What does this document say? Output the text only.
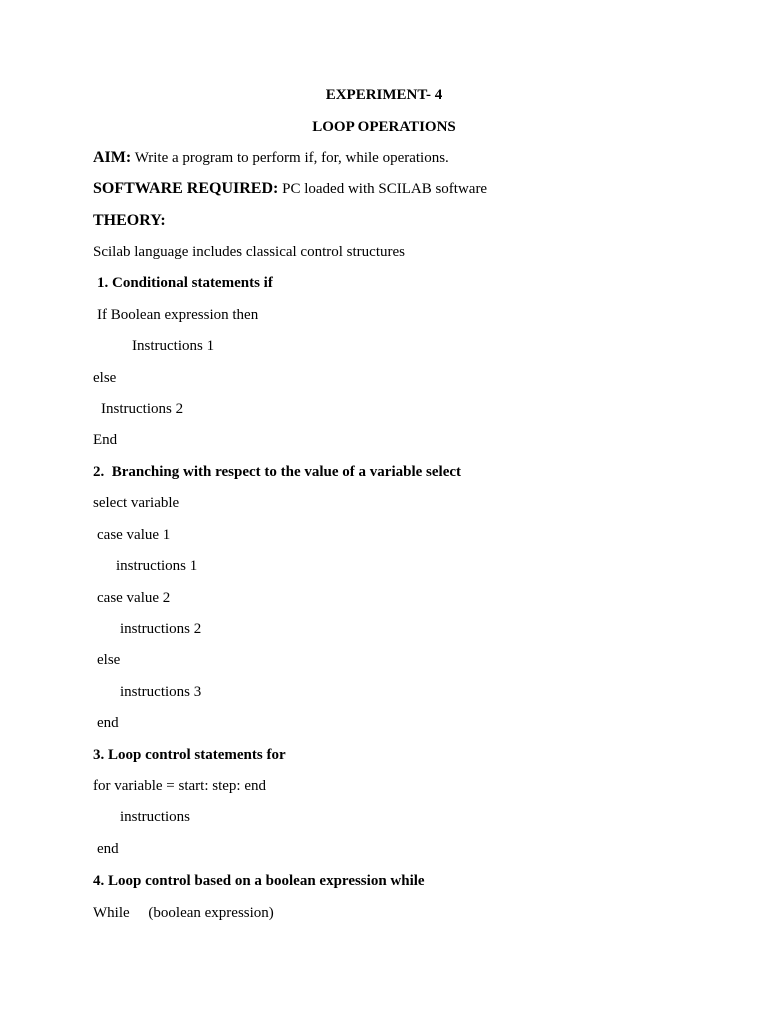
EXPERIMENT- 4
LOOP OPERATIONS
AIM: Write a program to perform if, for, while operations.
SOFTWARE REQUIRED: PC loaded with SCILAB software
THEORY:
Scilab language includes classical control structures
1. Conditional statements if
If Boolean expression then
Instructions 1
else
Instructions 2
End
2.  Branching with respect to the value of a variable select
select variable
case value 1
instructions 1
case value 2
instructions 2
else
instructions 3
end
3. Loop control statements for
for variable = start: step: end
instructions
end
4. Loop control based on a boolean expression while
While     (boolean expression)
